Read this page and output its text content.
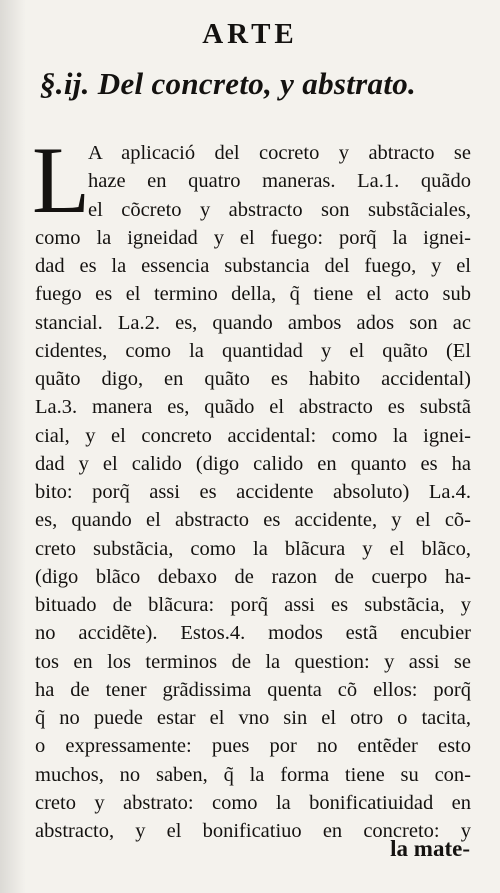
ARTE
§.ij. Del concreto, y abstrato.
L
A aplicació del cocreto y abtracto se
haze en quatro maneras. La.1. quãdo
el cõcreto y abstracto son substãciales,
como la igneidad y el fuego: porq̃ la ignei-
dad es la essencia substancia del fuego, y el
fuego es el termino della, q̃ tiene el acto sub
stancial. La.2. es, quando ambos ados son ac
cidentes, como la quantidad y el quãto (El
quãto digo, en quãto es habito accidental)
La.3. manera es, quãdo el abstracto es substã
cial, y el concreto accidental: como la ignei-
dad y el calido (digo calido en quanto es ha
bito: porq̃ assi es accidente absoluto) La.4.
es, quando el abstracto es accidente, y el cõ-
creto substãcia, como la blãcura y el blãco,
(digo blãco debaxo de razon de cuerpo ha-
bituado de blãcura: porq̃ assi es substãcia, y
no accidẽte). Estos.4. modos estã encubier
tos en los terminos de la question: y assi se
ha de tener grãdissima quenta cõ ellos: porq̃
q̃ no puede estar el vno sin el otro o tacita,
o expressamente: pues por no entẽder esto
muchos, no saben, q̃ la forma tiene su con-
creto y abstrato: como la bonificatiuidad en
abstracto, y el bonificatiuo en concreto: y
la mate-
